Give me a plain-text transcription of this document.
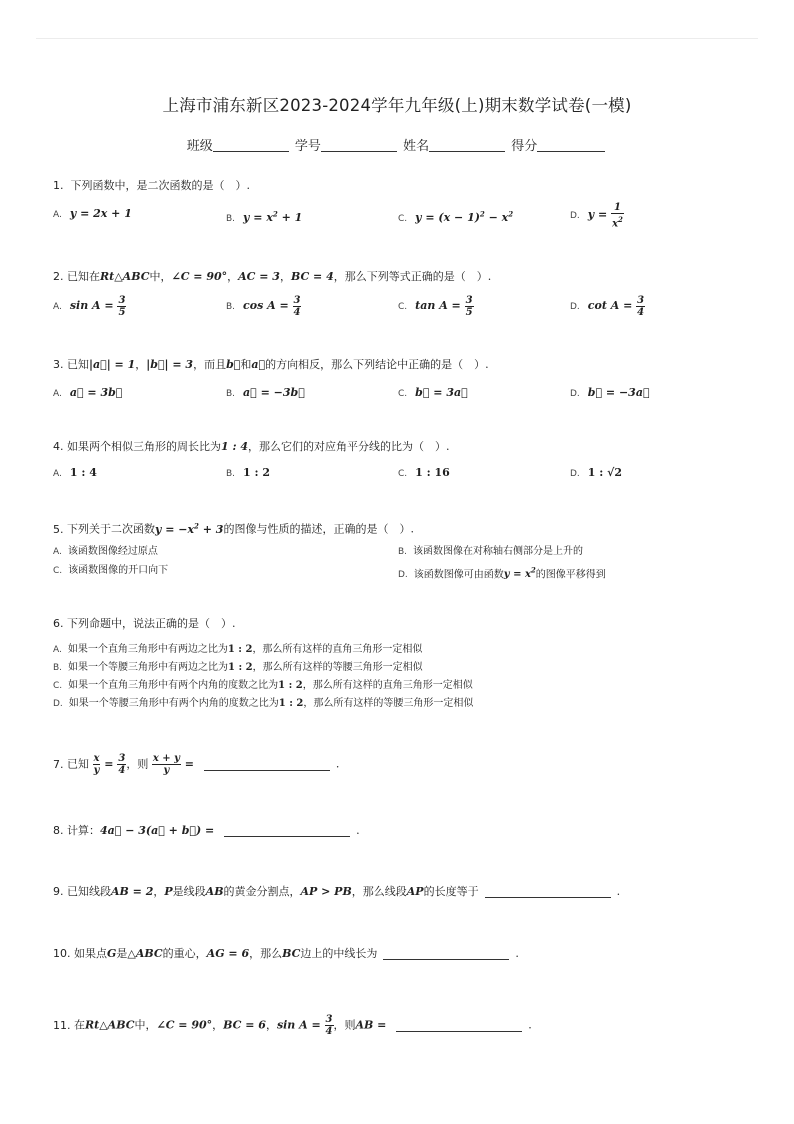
上海市浦东新区2023-2024学年九年级(上)期末数学试卷(一模)
班级	学号	姓名	得分
1. 下列函数中，是二次函数的是（　）.
A. y = 2x + 1	B. $y = x^2 + 1$	C. $y = (x - 1)^2 - x^2$	D. $y = \frac{1}{x^2}$
2. 已知在Rt△ABC中，∠C = 90°，AC = 3，BC = 4，那么下列等式正确的是（　）.
A. $\sin A = \frac{3}{5}$	B. $\cos A = \frac{3}{4}$	C. $\tan A = \frac{3}{5}$	D. $\cot A = \frac{3}{4}$
3. 已知|a⃗| = 1，|b⃗| = 3，而且b⃗和a⃗的方向相反，那么下列结论中正确的是（　）.
A. a⃗ = 3b⃗	B. a⃗ = −3b⃗	C. b⃗ = 3a⃗	D. b⃗ = −3a⃗
4. 如果两个相似三角形的周长比为1 : 4，那么它们的对应角平分线的比为（　）.
A. 1 : 4	B. 1 : 2	C. 1 : 16	D. 1 : √2
5. 下列关于二次函数$y = -x^2 + 3$的图像与性质的描述，正确的是（　）.
A. 该函数图像经过原点	B. 该函数图像在对称轴右侧部分是上升的
C. 该函数图像的开口向下	D. 该函数图像可由函数$y = x^2$的图像平移得到
6. 下列命题中，说法正确的是（　）.
A. 如果一个直角三角形中有两边之比为1 : 2，那么所有这样的直角三角形一定相似
B. 如果一个等腰三角形中有两边之比为1 : 2，那么所有这样的等腰三角形一定相似
C. 如果一个直角三角形中有两个内角的度数之比为1 : 2，那么所有这样的直角三角形一定相似
D. 如果一个等腰三角形中有两个内角的度数之比为1 : 2，那么所有这样的等腰三角形一定相似
7. 已知 $\frac{x}{y} = \frac{3}{4}$ ，则 $\frac{x + y}{y}$ =	.
8. 计算：4a⃗ − 3(a⃗ + b⃗) =	.
9. 已知线段AB = 2，P是线段AB的黄金分割点，AP > PB，那么线段AP的长度等于	.
10. 如果点G是△ABC的重心，AG = 6，那么BC边上的中线长为	.
11. 在Rt△ABC中，∠C = 90°，BC = 6，$\sin A = \frac{3}{4}$ ，则AB =	.
